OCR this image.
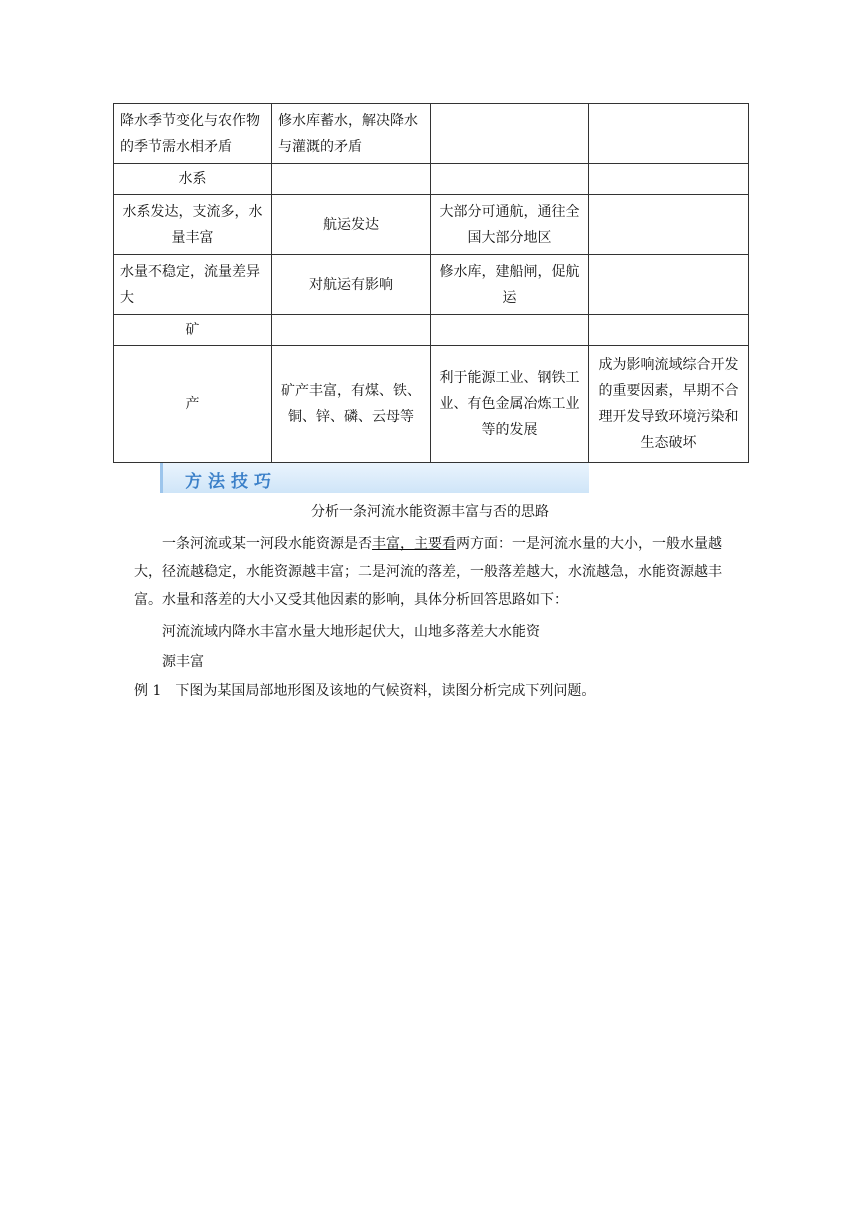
降水季节变化与农作物的季节需水相矛盾	修水库蓄水，解决降水与灌溉的矛盾		
水系			
水系发达，支流多，水量丰富	航运发达	大部分可通航，通往全国大部分地区	
水量不稳定，流量差异大	对航运有影响	修水库，建船闸，促航运	
矿			
产	矿产丰富，有煤、铁、铜、锌、磷、云母等	利于能源工业、钢铁工业、有色金属冶炼工业等的发展	成为影响流域综合开发的重要因素，早期不合理开发导致环境污染和生态破坏
方法技巧
分析一条河流水能资源丰富与否的思路
一条河流或某一河段水能资源是否丰富，主要看两方面：一是河流水量的大小，一般水量越大，径流越稳定，水能资源越丰富；二是河流的落差，一般落差越大，水流越急，水能资源越丰富。水量和落差的大小又受其他因素的影响，具体分析回答思路如下：
河流流域内降水丰富水量大地形起伏大，山地多落差大水能资
源丰富
例 1 下图为某国局部地形图及该地的气候资料，读图分析完成下列问题。
